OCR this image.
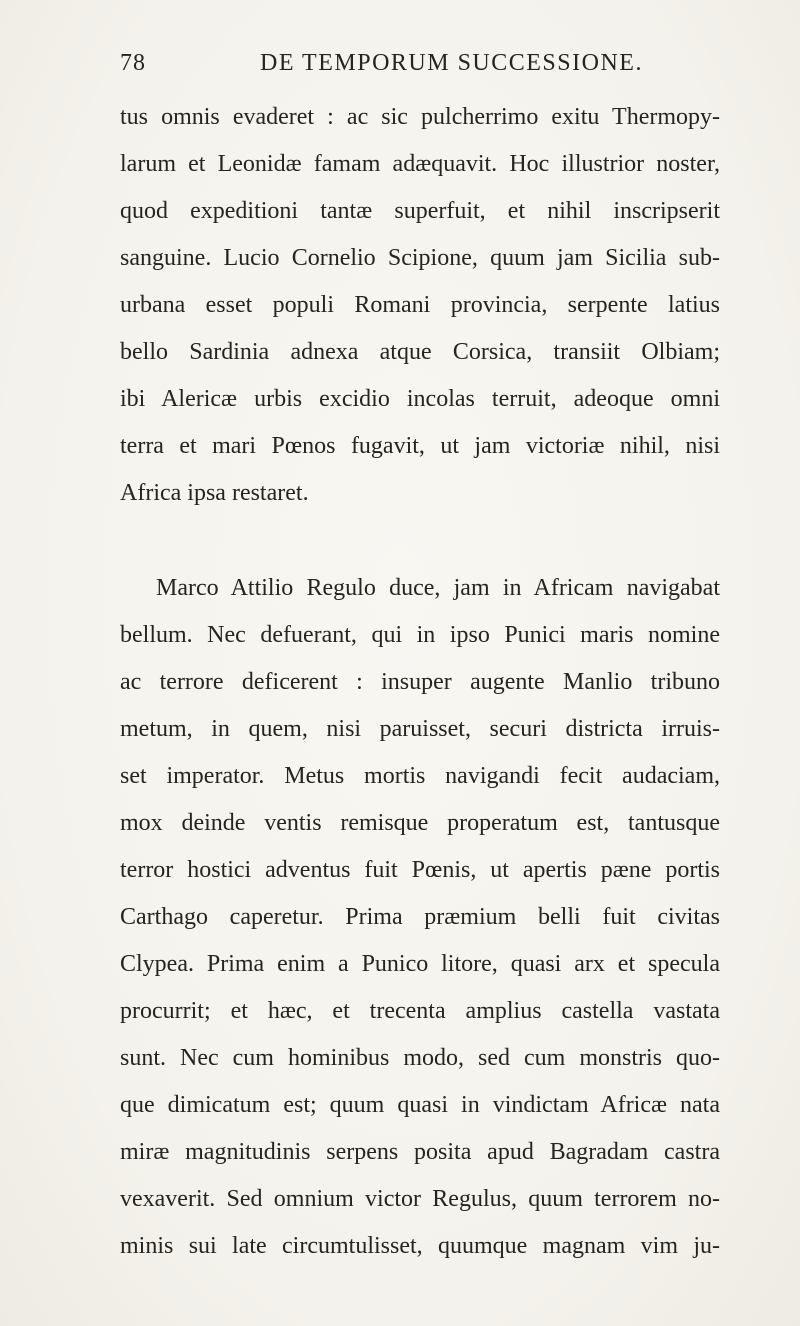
78	DE TEMPORUM SUCCESSIONE.
tus omnis evaderet : ac sic pulcherrimo exitu Thermopy-
larum et Leonidæ famam adæquavit. Hoc illustrior noster,
quod expeditioni tantæ superfuit, et nihil inscripserit
sanguine. Lucio Cornelio Scipione, quum jam Sicilia sub-
urbana esset populi Romani provincia, serpente latius
bello Sardinia adnexa atque Corsica, transiit Olbiam;
ibi Alericæ urbis excidio incolas terruit, adeoque omni
terra et mari Pœnos fugavit, ut jam victoriæ nihil, nisi
Africa ipsa restaret.
Marco Attilio Regulo duce, jam in Africam navigabat
bellum. Nec defuerant, qui in ipso Punici maris nomine
ac terrore deficerent : insuper augente Manlio tribuno
metum, in quem, nisi paruisset, securi districta irruis-
set imperator. Metus mortis navigandi fecit audaciam,
mox deinde ventis remisque properatum est, tantusque
terror hostici adventus fuit Pœnis, ut apertis pæne portis
Carthago caperetur. Prima præmium belli fuit civitas
Clypea. Prima enim a Punico litore, quasi arx et specula
procurrit; et hæc, et trecenta amplius castella vastata
sunt. Nec cum hominibus modo, sed cum monstris quo-
que dimicatum est; quum quasi in vindictam Africæ nata
miræ magnitudinis serpens posita apud Bagradam castra
vexaverit. Sed omnium victor Regulus, quum terrorem no-
minis sui late circumtulisset, quumque magnam vim ju-
